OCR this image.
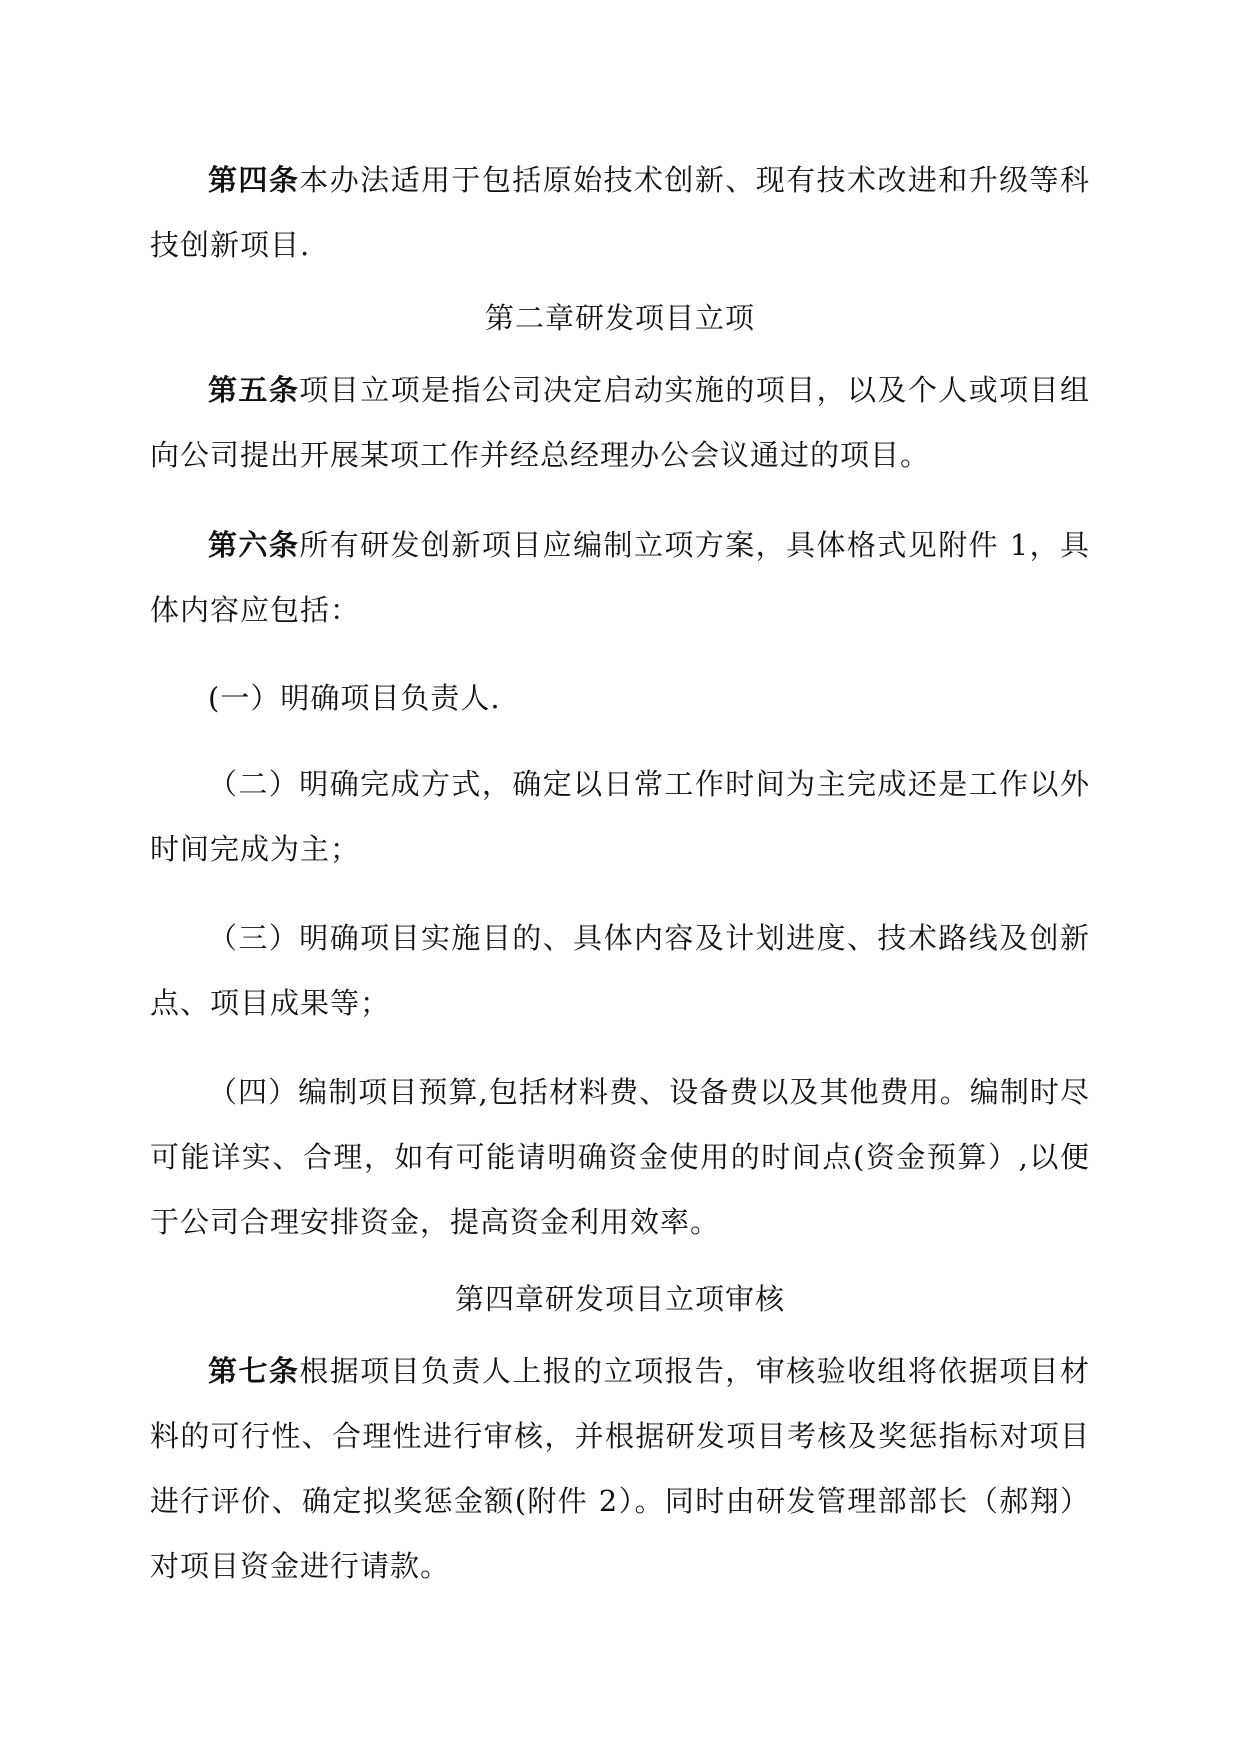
第四条本办法适用于包括原始技术创新、现有技术改进和升级等科技创新项目.

第二章研发项目立项

第五条项目立项是指公司决定启动实施的项目，以及个人或项目组向公司提出开展某项工作并经总经理办公会议通过的项目。

第六条所有研发创新项目应编制立项方案，具体格式见附件 1，具体内容应包括：

(一）明确项目负责人.

（二）明确完成方式，确定以日常工作时间为主完成还是工作以外时间完成为主；

（三）明确项目实施目的、具体内容及计划进度、技术路线及创新点、项目成果等；

（四）编制项目预算,包括材料费、设备费以及其他费用。编制时尽可能详实、合理，如有可能请明确资金使用的时间点(资金预算）,以便于公司合理安排资金，提高资金利用效率。

第四章研发项目立项审核

第七条根据项目负责人上报的立项报告，审核验收组将依据项目材料的可行性、合理性进行审核，并根据研发项目考核及奖惩指标对项目进行评价、确定拟奖惩金额(附件 2）。同时由研发管理部部长（郝翔）对项目资金进行请款。
